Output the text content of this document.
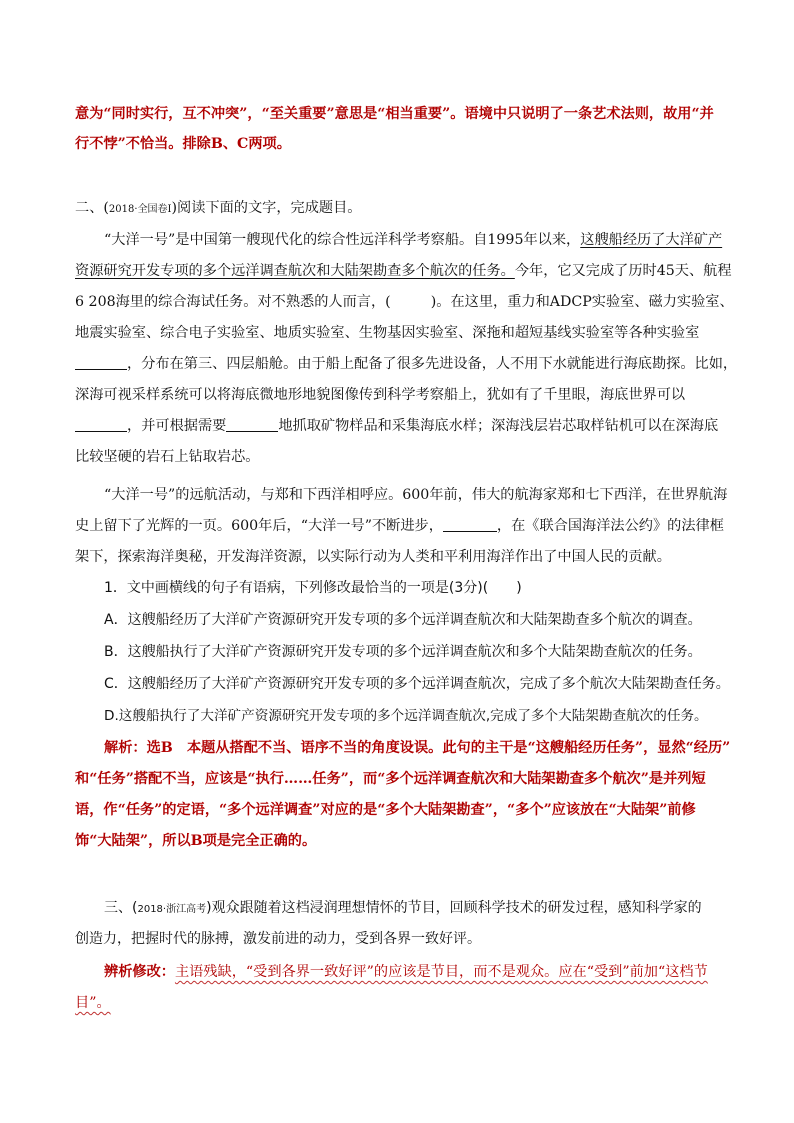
意为“同时实行，互不冲突”，“至关重要”意思是“相当重要”。语境中只说明了一条艺术法则，故用“并
行不悖”不恰当。排除B、C两项。
二、(2018·全国卷Ⅰ)阅读下面的文字，完成题目。
“大洋一号”是中国第一艘现代化的综合性远洋科学考察船。自1995年以来，这艘船经历了大洋矿产
资源研究开发专项的多个远洋调查航次和大陆架勘查多个航次的任务。今年，它又完成了历时45天、航程
6 208海里的综合海试任务。对不熟悉的人而言，(	)。在这里，重力和ADCP实验室、磁力实验室、
地震实验室、综合电子实验室、地质实验室、生物基因实验室、深拖和超短基线实验室等各种实验室
，分布在第三、四层船舱。由于船上配备了很多先进设备，人不用下水就能进行海底勘探。比如，
深海可视采样系统可以将海底微地形地貌图像传到科学考察船上，犹如有了千里眼，海底世界可以
，并可根据需要	地抓取矿物样品和采集海底水样；深海浅层岩芯取样钻机可以在深海底
比较坚硬的岩石上钻取岩芯。
“大洋一号”的远航活动，与郑和下西洋相呼应。600年前，伟大的航海家郑和七下西洋，在世界航海
史上留下了光辉的一页。600年后，“大洋一号”不断进步，	，在《联合国海洋法公约》的法律框
架下，探索海洋奥秘，开发海洋资源，以实际行动为人类和平利用海洋作出了中国人民的贡献。
1．文中画横线的句子有语病，下列修改最恰当的一项是(3分)(　　)
A．这艘船经历了大洋矿产资源研究开发专项的多个远洋调查航次和大陆架勘查多个航次的调查。
B．这艘船执行了大洋矿产资源研究开发专项的多个远洋调查航次和多个大陆架勘查航次的任务。
C．这艘船经历了大洋矿产资源研究开发专项的多个远洋调查航次，完成了多个航次大陆架勘查任务。
D.这艘船执行了大洋矿产资源研究开发专项的多个远洋调查航次,完成了多个大陆架勘查航次的任务。
解析：选B　本题从搭配不当、语序不当的角度设误。此句的主干是“这艘船经历任务”，显然“经历”
和“任务”搭配不当，应该是“执行……任务”，而“多个远洋调查航次和大陆架勘查多个航次”是并列短
语，作“任务”的定语，“多个远洋调查”对应的是“多个大陆架勘查”，“多个”应该放在“大陆架”前修
饰“大陆架”，所以B项是完全正确的。
三、(2018·浙江高考)观众跟随着这档浸润理想情怀的节目，回顾科学技术的研发过程，感知科学家的
创造力，把握时代的脉搏，激发前进的动力，受到各界一致好评。
辨析修改：主语残缺，“受到各界一致好评”的应该是节目，而不是观众。应在“受到”前加“这档节
目”。
